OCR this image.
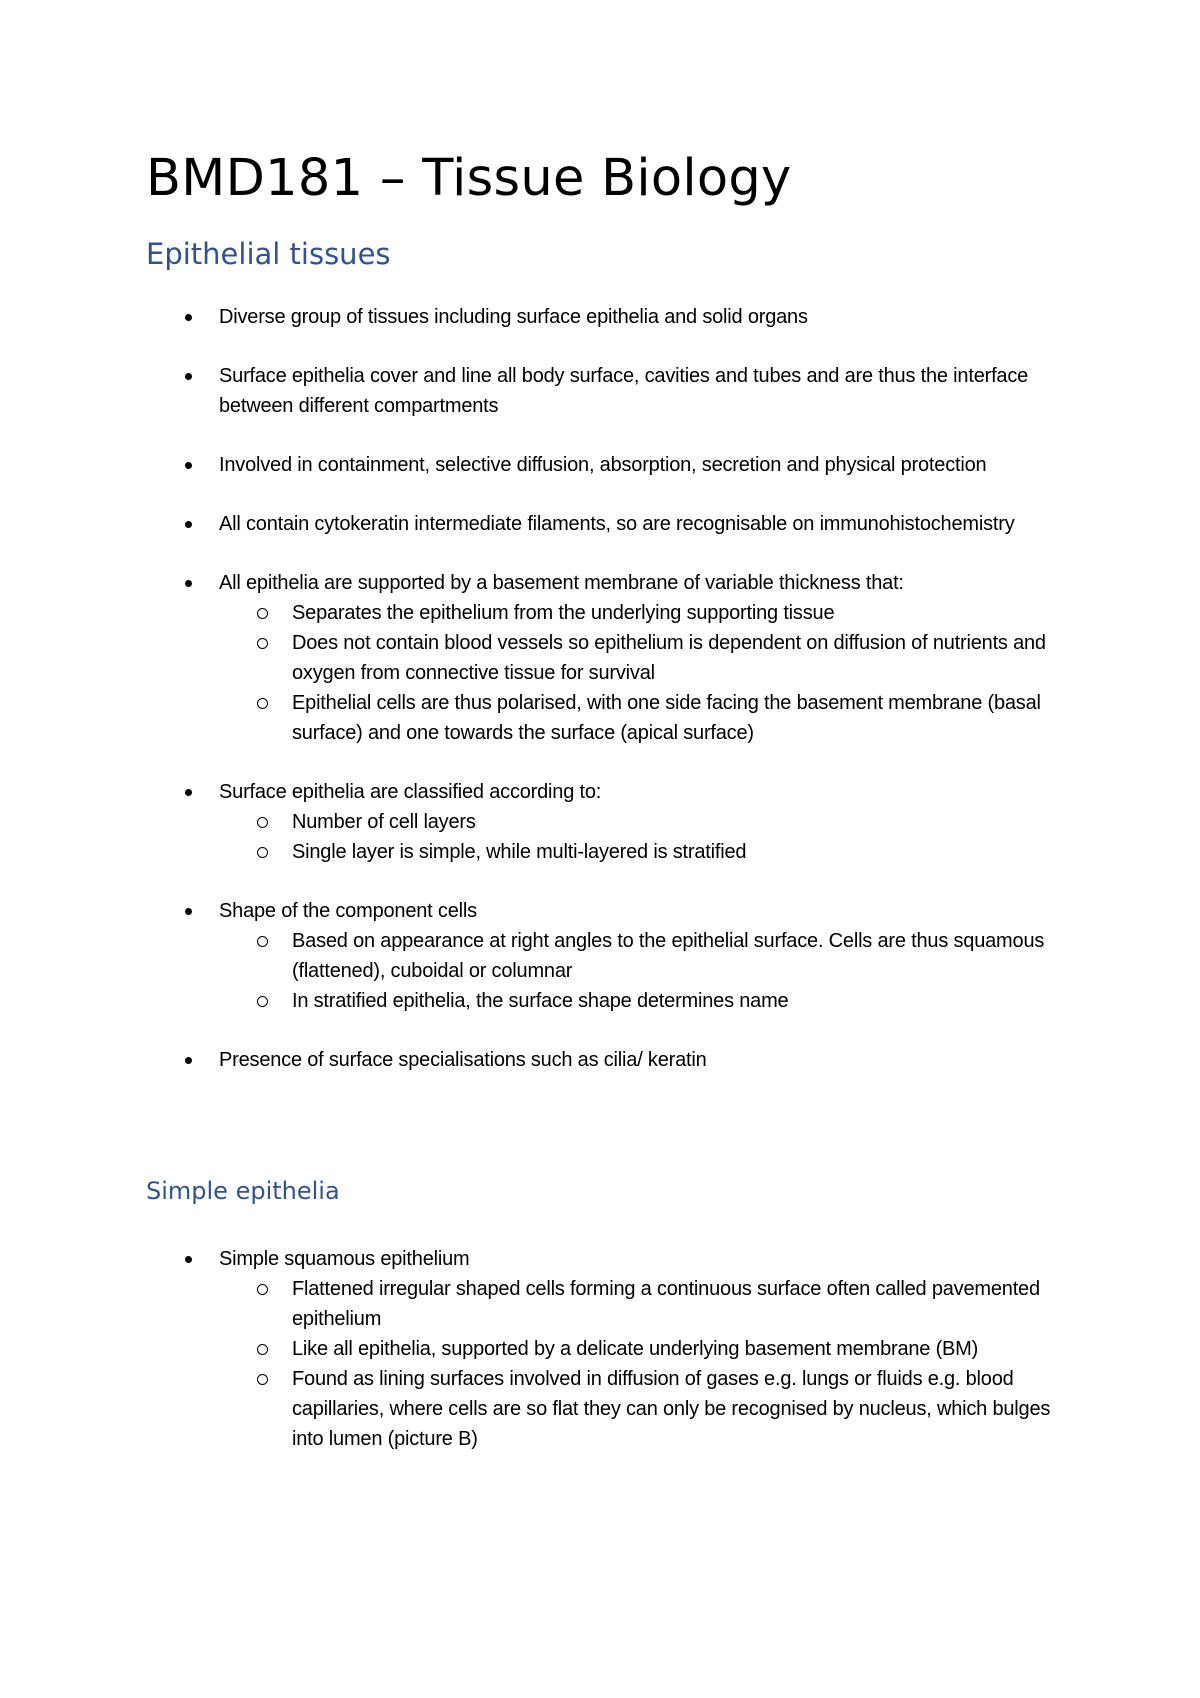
BMD181 – Tissue Biology
Epithelial tissues
Diverse group of tissues including surface epithelia and solid organs
Surface epithelia cover and line all body surface, cavities and tubes and are thus the interface between different compartments
Involved in containment, selective diffusion, absorption, secretion and physical protection
All contain cytokeratin intermediate filaments, so are recognisable on immunohistochemistry
All epithelia are supported by a basement membrane of variable thickness that:
Separates the epithelium from the underlying supporting tissue
Does not contain blood vessels so epithelium is dependent on diffusion of nutrients and oxygen from connective tissue for survival
Epithelial cells are thus polarised, with one side facing the basement membrane (basal surface) and one towards the surface (apical surface)
Surface epithelia are classified according to:
Number of cell layers
Single layer is simple, while multi-layered is stratified
Shape of the component cells
Based on appearance at right angles to the epithelial surface. Cells are thus squamous (flattened), cuboidal or columnar
In stratified epithelia, the surface shape determines name
Presence of surface specialisations such as cilia/ keratin
Simple epithelia
Simple squamous epithelium
Flattened irregular shaped cells forming a continuous surface often called pavemented epithelium
Like all epithelia, supported by a delicate underlying basement membrane (BM)
Found as lining surfaces involved in diffusion of gases e.g. lungs or fluids e.g. blood capillaries, where cells are so flat they can only be recognised by nucleus, which bulges into lumen (picture B)
